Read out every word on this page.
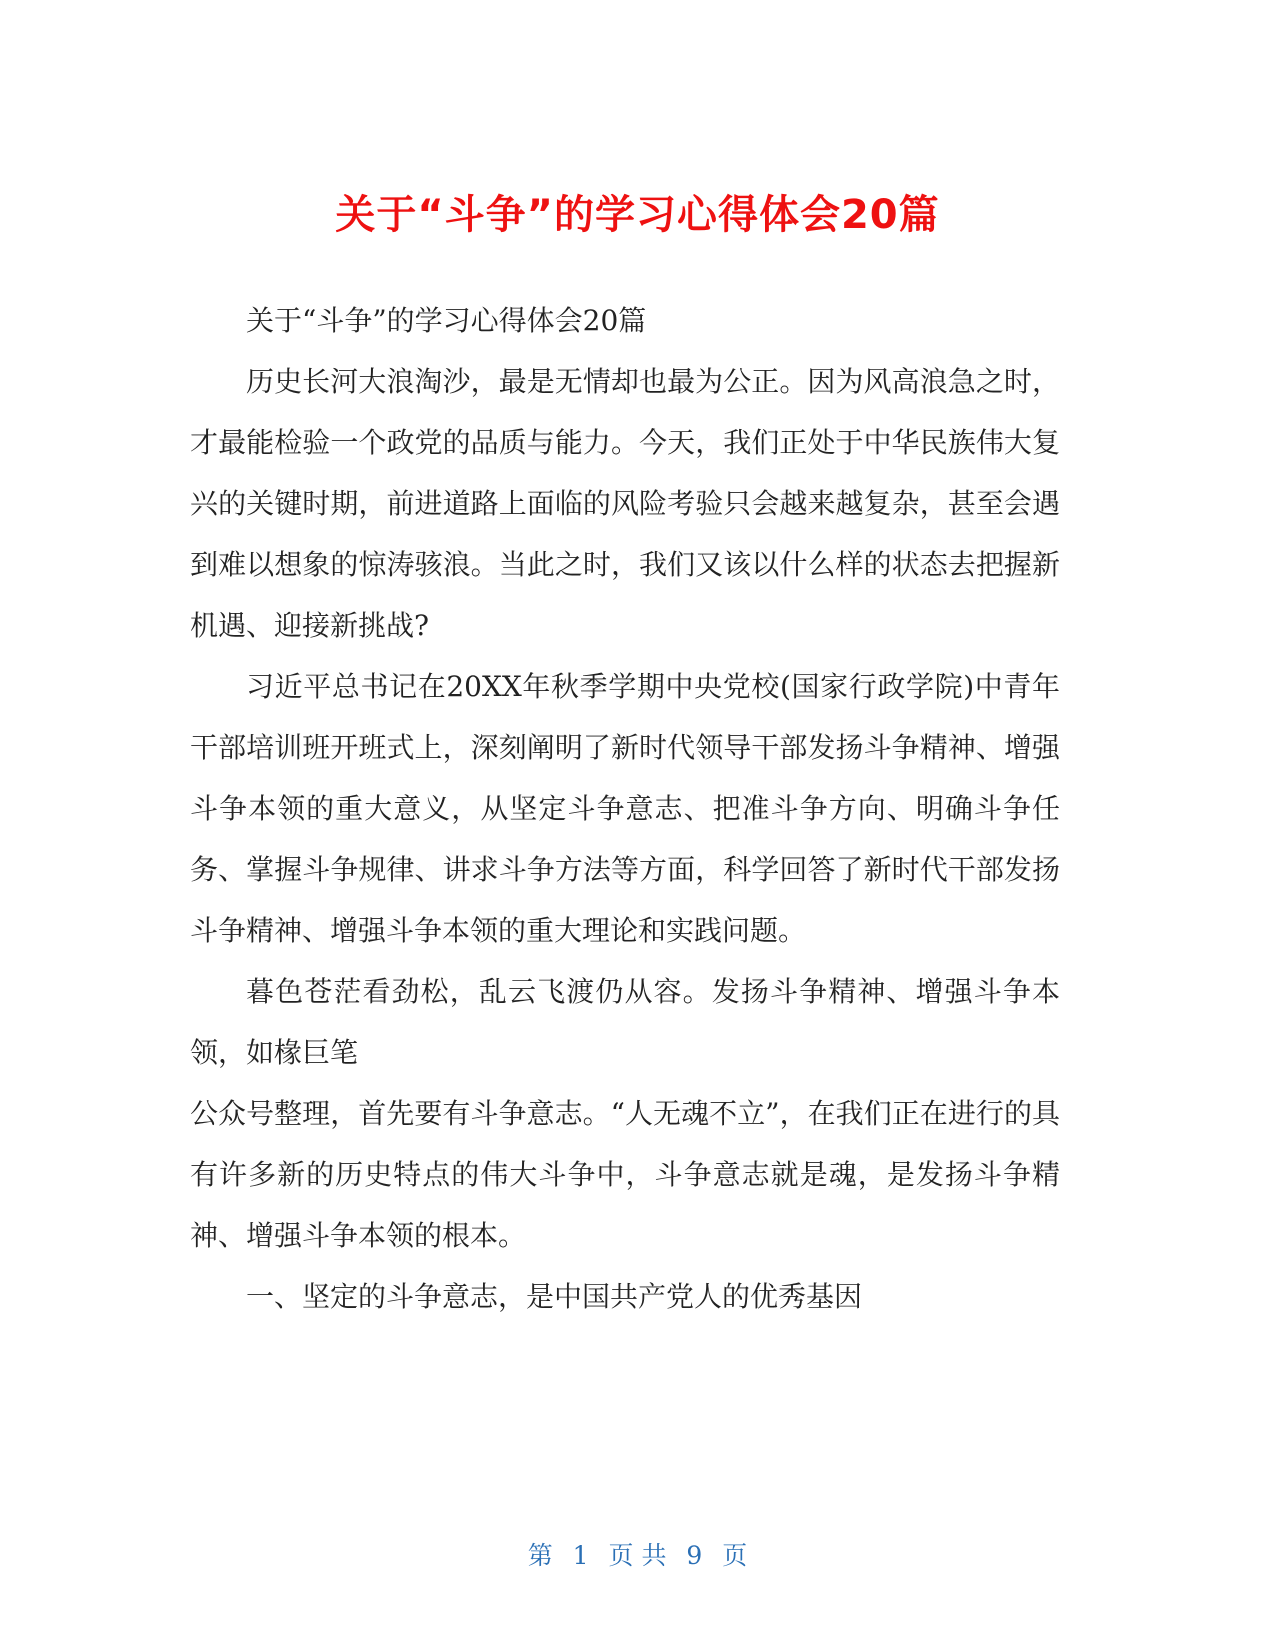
关于“斗争”的学习心得体会20篇

关于“斗争”的学习心得体会20篇

历史长河大浪淘沙，最是无情却也最为公正。因为风高浪急之时，才最能检验一个政党的品质与能力。今天，我们正处于中华民族伟大复兴的关键时期，前进道路上面临的风险考验只会越来越复杂，甚至会遇到难以想象的惊涛骇浪。当此之时，我们又该以什么样的状态去把握新机遇、迎接新挑战?

习近平总书记在20XX年秋季学期中央党校(国家行政学院)中青年干部培训班开班式上，深刻阐明了新时代领导干部发扬斗争精神、增强斗争本领的重大意义，从坚定斗争意志、把准斗争方向、明确斗争任务、掌握斗争规律、讲求斗争方法等方面，科学回答了新时代干部发扬斗争精神、增强斗争本领的重大理论和实践问题。

暮色苍茫看劲松，乱云飞渡仍从容。发扬斗争精神、增强斗争本领，如椽巨笔

公众号整理，首先要有斗争意志。“人无魂不立”，在我们正在进行的具有许多新的历史特点的伟大斗争中，斗争意志就是魂，是发扬斗争精神、增强斗争本领的根本。

一、坚定的斗争意志，是中国共产党人的优秀基因

第 1 页 共 9 页
